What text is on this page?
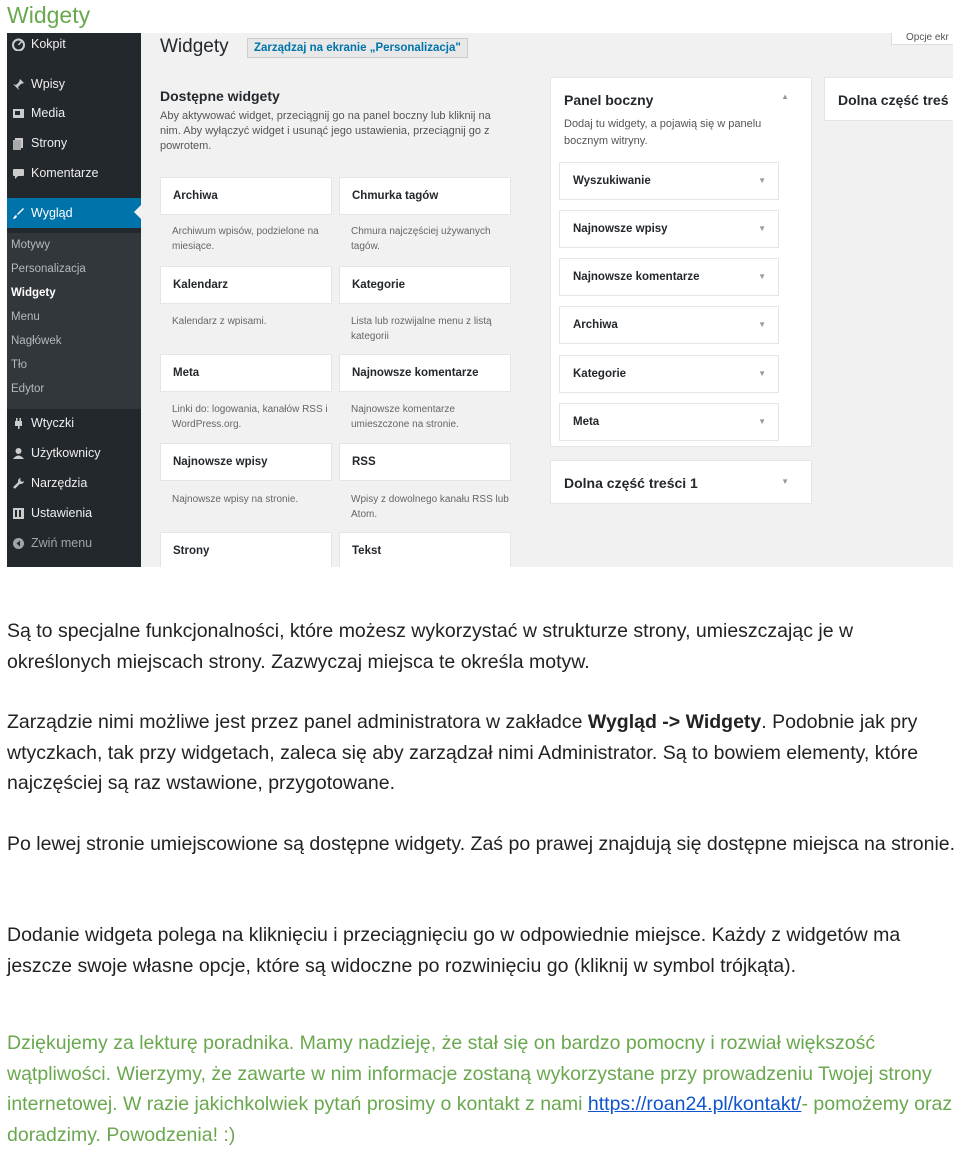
Widgety
Kokpit
Wpisy
Media
Strony
Komentarze
Wygląd
Motywy
Personalizacja
Widgety
Menu
Nagłówek
Tło
Edytor
Wtyczki
Użytkownicy
Narzędzia
Ustawienia
Zwiń menu
Widgety	Zarządzaj na ekranie „Personalizacja"
Opcje ekr
Dostępne widgety
Aby aktywować widget, przeciągnij go na panel boczny lub kliknij na nim. Aby wyłączyć widget i usunąć jego ustawienia, przeciągnij go z powrotem.
Archiwa
Archiwum wpisów, podzielone na miesiące.
Chmurka tagów
Chmura najczęściej używanych tagów.
Kalendarz
Kalendarz z wpisami.
Kategorie
Lista lub rozwijalne menu z listą kategorii
Meta
Linki do: logowania, kanałów RSS i WordPress.org.
Najnowsze komentarze
Najnowsze komentarze umieszczone na stronie.
Najnowsze wpisy
Najnowsze wpisy na stronie.
RSS
Wpisy z dowolnego kanału RSS lub Atom.
Strony	Tekst
Panel boczny	▲
Dodaj tu widgety, a pojawią się w panelu bocznym witryny.
Wyszukiwanie	▼
Najnowsze wpisy	▼
Najnowsze komentarze	▼
Archiwa	▼
Kategorie	▼
Meta	▼
Dolna część treści 1	▼
Dolna część treś
Są to specjalne funkcjonalności, które możesz wykorzystać w strukturze strony, umieszczając je w określonych miejscach strony. Zazwyczaj miejsca te określa motyw.
Zarządzie nimi możliwe jest przez panel administratora w zakładce Wygląd -> Widgety. Podobnie jak pry wtyczkach, tak przy widgetach, zaleca się aby zarządzał nimi Administrator. Są to bowiem elementy, które najczęściej są raz wstawione, przygotowane.
Po lewej stronie umiejscowione są dostępne widgety. Zaś po prawej znajdują się dostępne miejsca na stronie.
Dodanie widgeta polega na kliknięciu i przeciągnięciu go w odpowiednie miejsce. Każdy z widgetów ma jeszcze swoje własne opcje, które są widoczne po rozwinięciu go (kliknij w symbol trójkąta).
Dziękujemy za lekturę poradnika. Mamy nadzieję, że stał się on bardzo pomocny i rozwiał większość wątpliwości. Wierzymy, że zawarte w nim informacje zostaną wykorzystane przy prowadzeniu Twojej strony internetowej. W razie jakichkolwiek pytań prosimy o kontakt z nami https://roan24.pl/kontakt/- pomożemy oraz doradzimy. Powodzenia! :)
